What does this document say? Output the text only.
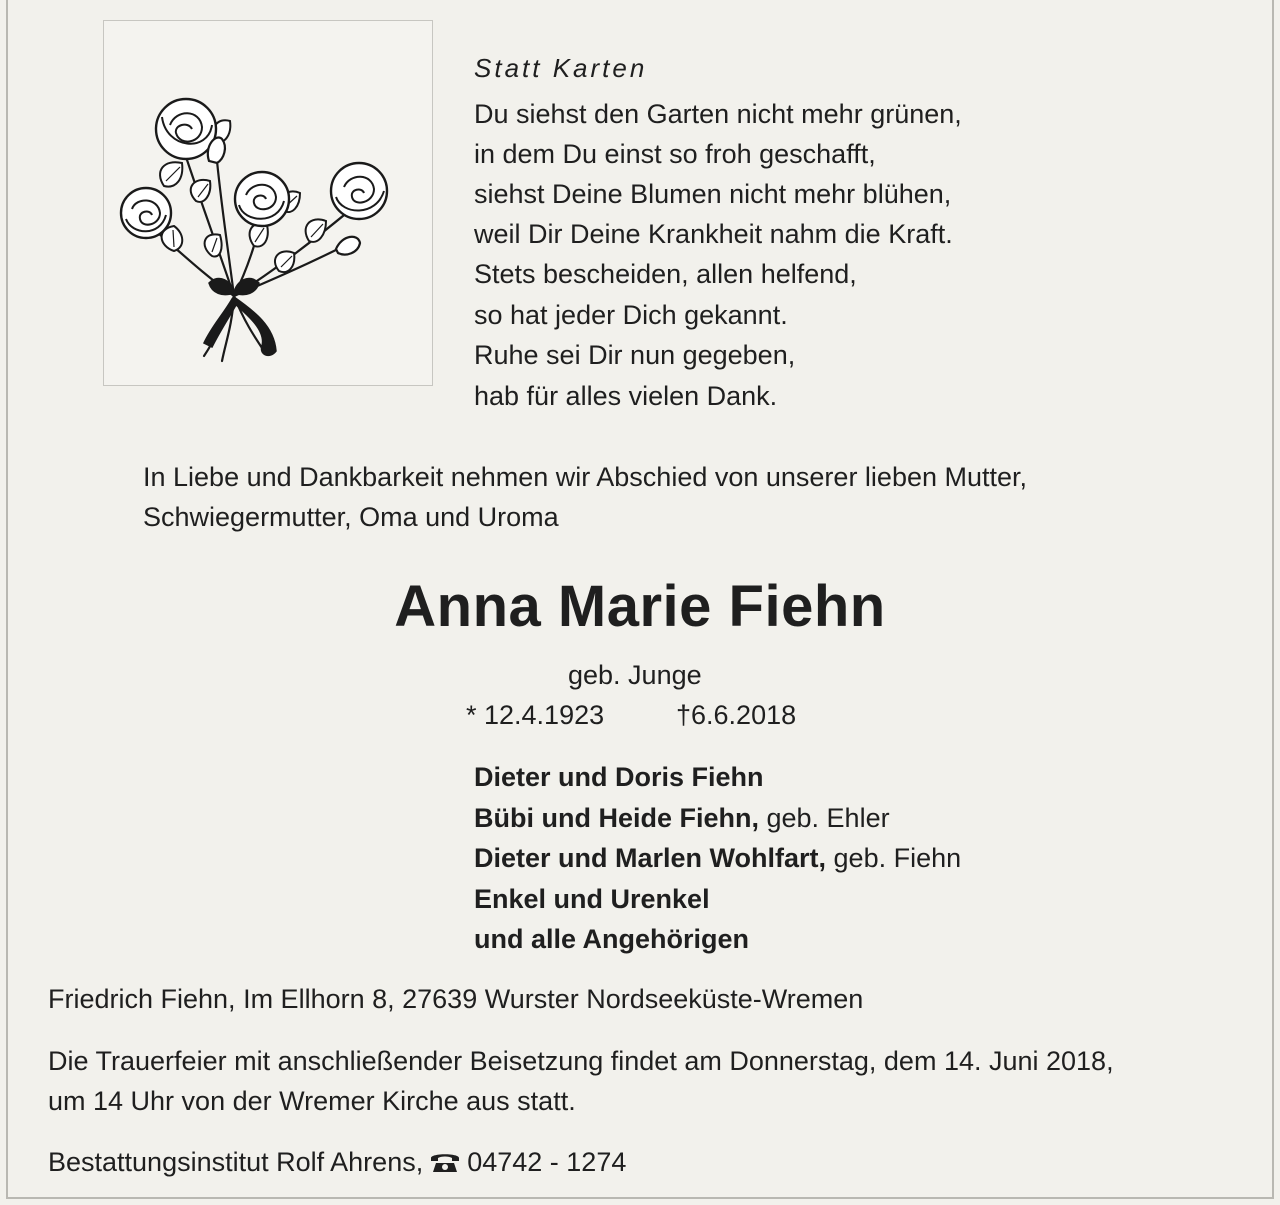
Statt Karten
Du siehst den Garten nicht mehr grünen,
in dem Du einst so froh geschafft,
siehst Deine Blumen nicht mehr blühen,
weil Dir Deine Krankheit nahm die Kraft.
Stets bescheiden, allen helfend,
so hat jeder Dich gekannt.
Ruhe sei Dir nun gegeben,
hab für alles vielen Dank.
In Liebe und Dankbarkeit nehmen wir Abschied von unserer lieben Mutter,
Schwiegermutter, Oma und Uroma
Anna Marie Fiehn
geb. Junge
* 12.4.1923	†6.6.2018
Dieter und Doris Fiehn
Bübi und Heide Fiehn, geb. Ehler
Dieter und Marlen Wohlfart, geb. Fiehn
Enkel und Urenkel
und alle Angehörigen
Friedrich Fiehn, Im Ellhorn 8, 27639 Wurster Nordseeküste-Wremen
Die Trauerfeier mit anschließender Beisetzung findet am Donnerstag, dem 14. Juni 2018,
um 14 Uhr von der Wremer Kirche aus statt.
Bestattungsinstitut Rolf Ahrens, 04742 - 1274
